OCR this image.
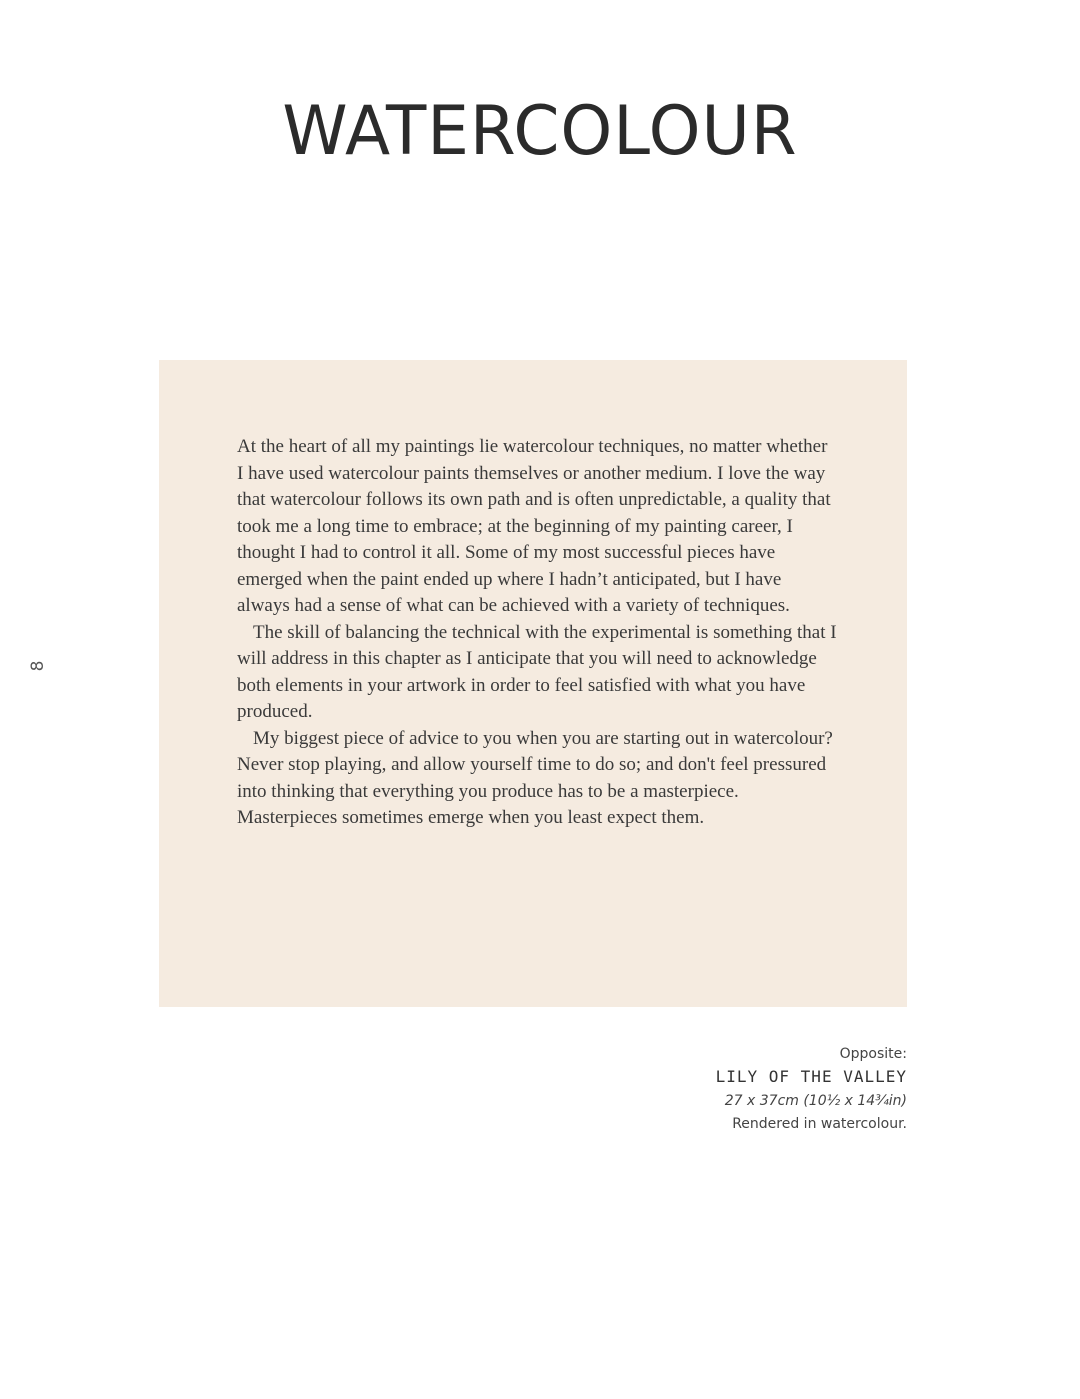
WATERCOLOUR

At the heart of all my paintings lie watercolour techniques, no matter whether I have used watercolour paints themselves or another medium. I love the way that watercolour follows its own path and is often unpredictable, a quality that took me a long time to embrace; at the beginning of my painting career, I thought I had to control it all. Some of my most successful pieces have emerged when the paint ended up where I hadn’t anticipated, but I have always had a sense of what can be achieved with a variety of techniques.

The skill of balancing the technical with the experimental is something that I will address in this chapter as I anticipate that you will need to acknowledge both elements in your artwork in order to feel satisfied with what you have produced.

My biggest piece of advice to you when you are starting out in watercolour? Never stop playing, and allow yourself time to do so; and don't feel pressured into thinking that everything you produce has to be a masterpiece. Masterpieces sometimes emerge when you least expect them.

8
Opposite:
LILY OF THE VALLEY
27 x 37cm (10½ x 14¾in)
Rendered in watercolour.
